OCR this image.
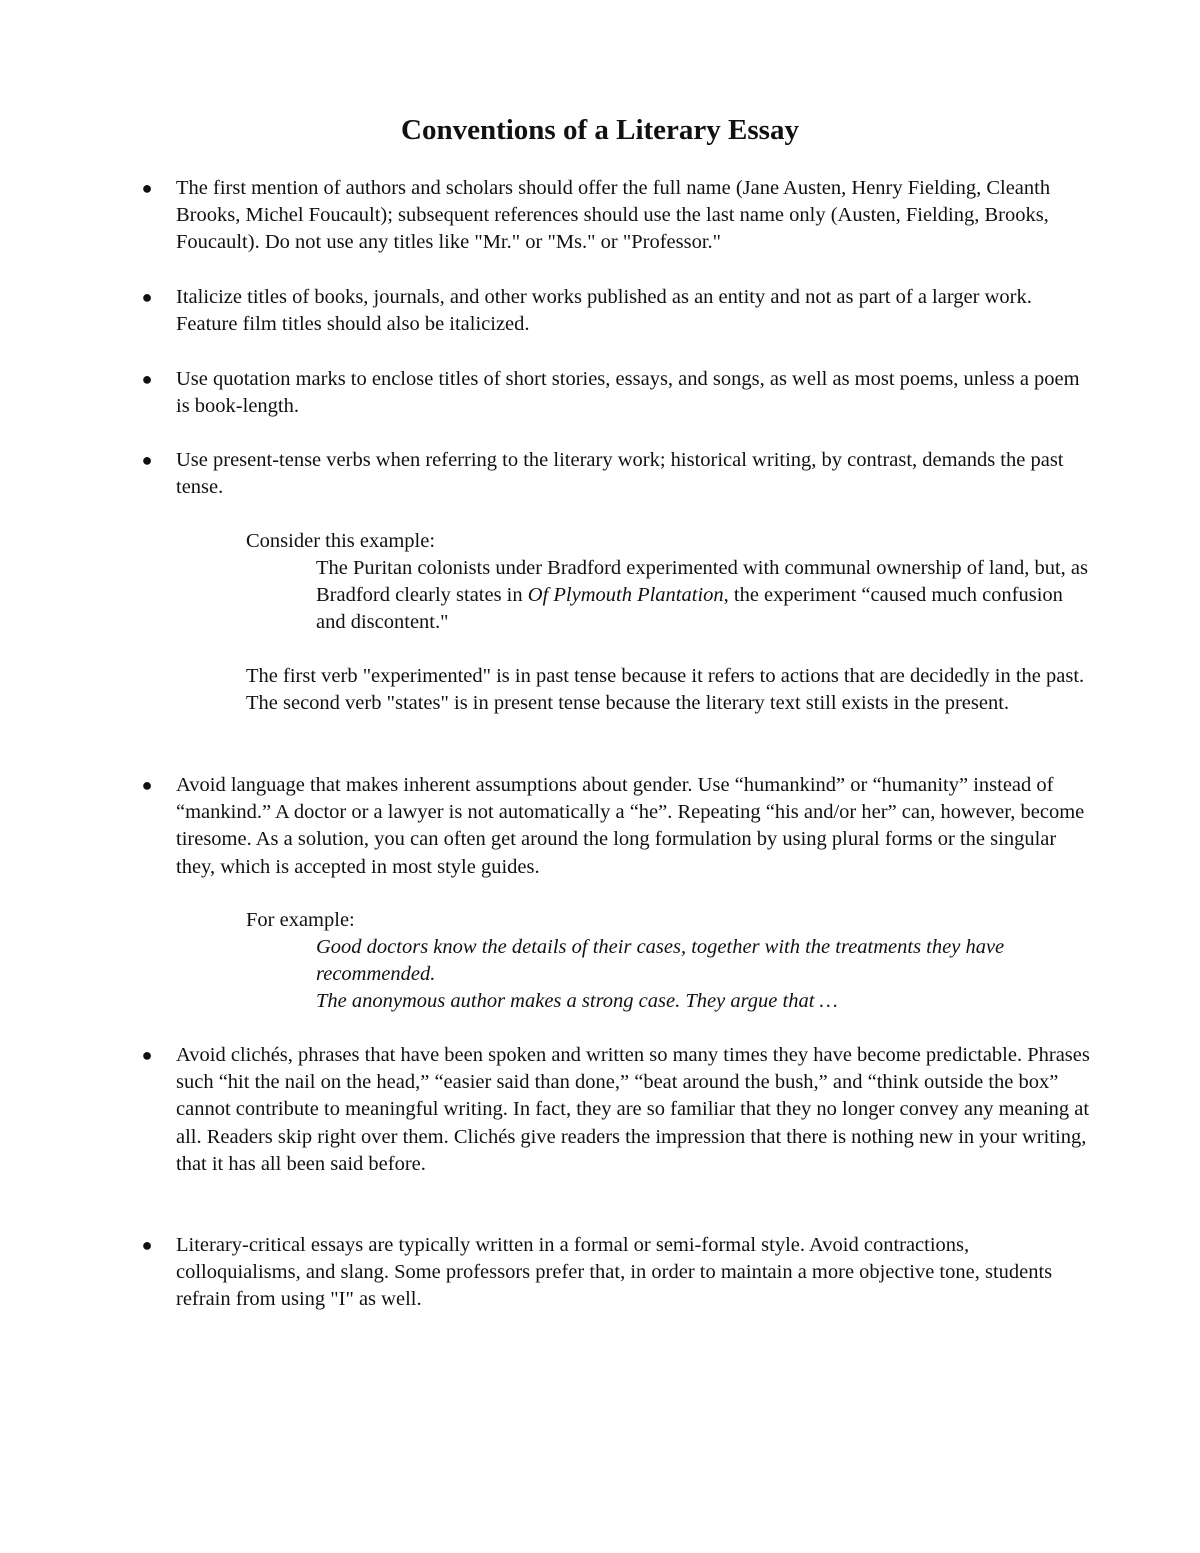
Conventions of a Literary Essay

● The first mention of authors and scholars should offer the full name (Jane Austen, Henry Fielding, Cleanth Brooks, Michel Foucault); subsequent references should use the last name only (Austen, Fielding, Brooks, Foucault). Do not use any titles like "Mr." or "Ms." or "Professor."

● Italicize titles of books, journals, and other works published as an entity and not as part of a larger work. Feature film titles should also be italicized.

● Use quotation marks to enclose titles of short stories, essays, and songs, as well as most poems, unless a poem is book-length.

● Use present-tense verbs when referring to the literary work; historical writing, by contrast, demands the past tense.

Consider this example:

The Puritan colonists under Bradford experimented with communal ownership of land, but, as Bradford clearly states in Of Plymouth Plantation, the experiment “caused much confusion and discontent."

The first verb "experimented" is in past tense because it refers to actions that are decidedly in the past. The second verb "states" is in present tense because the literary text still exists in the present.

● Avoid language that makes inherent assumptions about gender. Use “humankind” or “humanity” instead of “mankind.” A doctor or a lawyer is not automatically a “he”. Repeating “his and/or her” can, however, become tiresome. As a solution, you can often get around the long formulation by using plural forms or the singular they, which is accepted in most style guides.

For example:

Good doctors know the details of their cases, together with the treatments they have recommended.

The anonymous author makes a strong case. They argue that …

● Avoid clichés, phrases that have been spoken and written so many times they have become predictable. Phrases such “hit the nail on the head,” “easier said than done,” “beat around the bush,” and “think outside the box” cannot contribute to meaningful writing. In fact, they are so familiar that they no longer convey any meaning at all. Readers skip right over them. Clichés give readers the impression that there is nothing new in your writing, that it has all been said before.

● Literary-critical essays are typically written in a formal or semi-formal style. Avoid contractions, colloquialisms, and slang. Some professors prefer that, in order to maintain a more objective tone, students refrain from using "I" as well.
